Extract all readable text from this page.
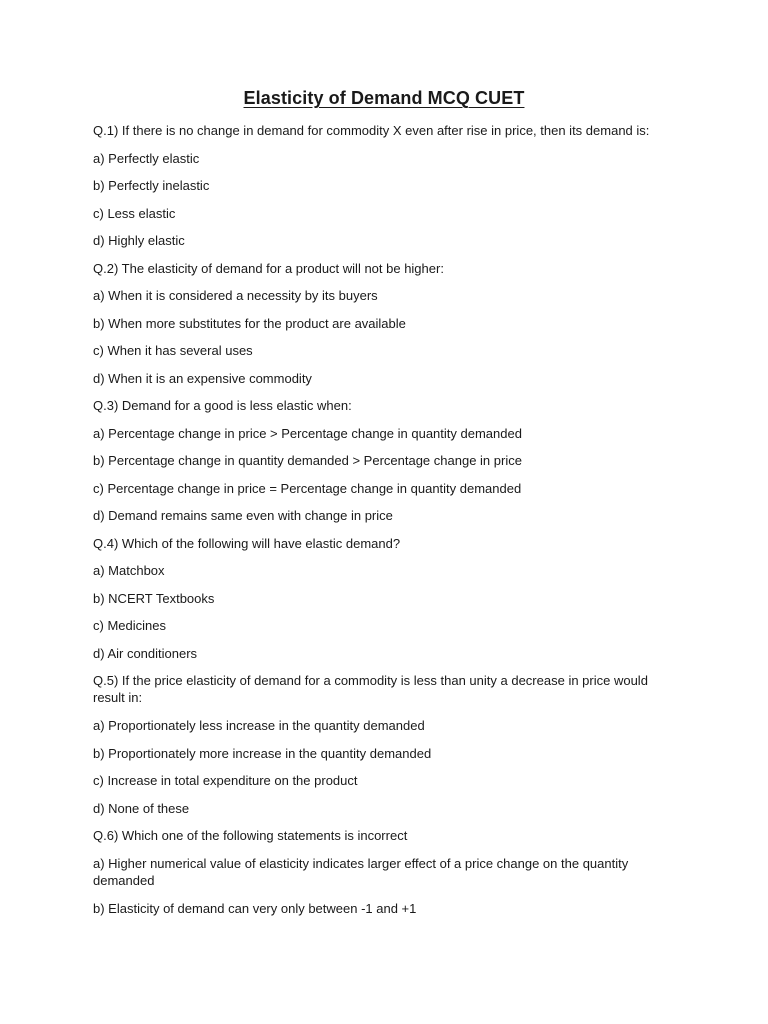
Elasticity of Demand MCQ CUET
Q.1) If there is no change in demand for commodity X even after rise in price, then its demand is:
a) Perfectly elastic
b) Perfectly inelastic
c) Less elastic
d) Highly elastic
Q.2) The elasticity of demand for a product will not be higher:
a) When it is considered a necessity by its buyers
b) When more substitutes for the product are available
c) When it has several uses
d) When it is an expensive commodity
Q.3) Demand for a good is less elastic when:
a) Percentage change in price > Percentage change in quantity demanded
b) Percentage change in quantity demanded > Percentage change in price
c) Percentage change in price = Percentage change in quantity demanded
d) Demand remains same even with change in price
Q.4) Which of the following will have elastic demand?
a) Matchbox
b) NCERT Textbooks
c) Medicines
d) Air conditioners
Q.5) If the price elasticity of demand for a commodity is less than unity a decrease in price would result in:
a) Proportionately less increase in the quantity demanded
b) Proportionately more increase in the quantity demanded
c) Increase in total expenditure on the product
d) None of these
Q.6) Which one of the following statements is incorrect
a) Higher numerical value of elasticity indicates larger effect of a price change on the quantity demanded
b) Elasticity of demand can very only between -1 and +1
